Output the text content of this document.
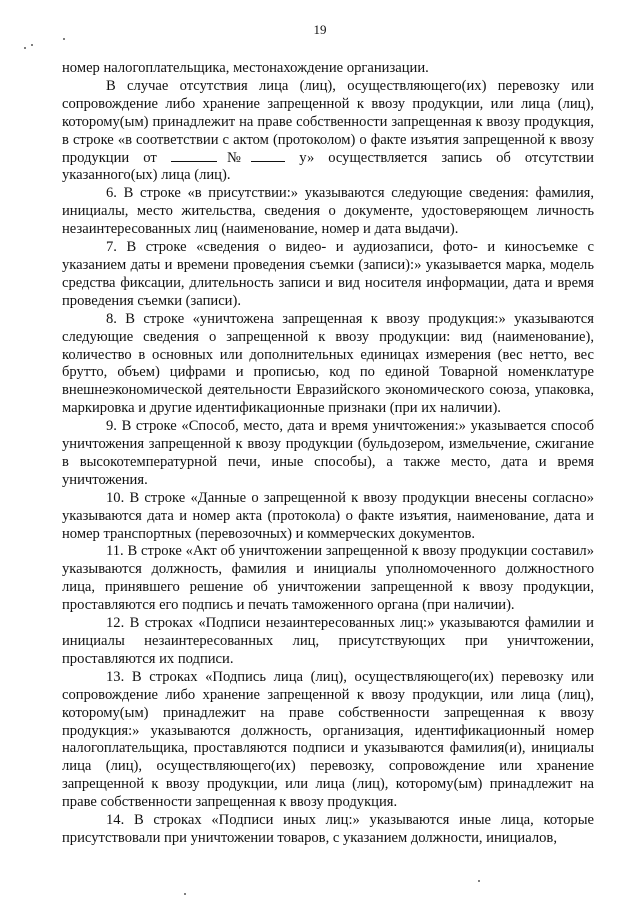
19

номер налогоплательщика, местонахождение организации.

В случае отсутствия лица (лиц), осуществляющего(их) перевозку или сопровождение либо хранение запрещенной к ввозу продукции, или лица (лиц), которому(ым) принадлежит на праве собственности запрещенная к ввозу продукция, в строке «в соответствии с актом (протоколом) о факте изъятия запрещенной к ввозу продукции от	№ у» осуществляется запись об отсутствии указанного(ых) лица (лиц).

6. В строке «в присутствии:» указываются следующие сведения: фамилия, инициалы, место жительства, сведения о документе, удостоверяющем личность незаинтересованных лиц (наименование, номер и дата выдачи).

7. В строке «сведения о видео- и аудиозаписи, фото- и киносъемке с указанием даты и времени проведения съемки (записи):» указывается марка, модель средства фиксации, длительность записи и вид носителя информации, дата и время проведения съемки (записи).

8. В строке «уничтожена запрещенная к ввозу продукция:» указываются следующие сведения о запрещенной к ввозу продукции: вид (наименование), количество в основных или дополнительных единицах измерения (вес нетто, вес брутто, объем) цифрами и прописью, код по единой Товарной номенклатуре внешнеэкономической деятельности Евразийского экономического союза, упаковка, маркировка и другие идентификационные признаки (при их наличии).

9. В строке «Способ, место, дата и время уничтожения:» указывается способ уничтожения запрещенной к ввозу продукции (бульдозером, измельчение, сжигание в высокотемпературной печи, иные способы), а также место, дата и время уничтожения.

10. В строке «Данные о запрещенной к ввозу продукции внесены согласно» указываются дата и номер акта (протокола) о факте изъятия, наименование, дата и номер транспортных (перевозочных) и коммерческих документов.

11. В строке «Акт об уничтожении запрещенной к ввозу продукции составил» указываются должность, фамилия и инициалы уполномоченного должностного лица, принявшего решение об уничтожении запрещенной к ввозу продукции, проставляются его подпись и печать таможенного органа (при наличии).

12. В строках «Подписи незаинтересованных лиц:» указываются фамилии и инициалы незаинтересованных лиц, присутствующих при уничтожении, проставляются их подписи.

13. В строках «Подпись лица (лиц), осуществляющего(их) перевозку или сопровождение либо хранение запрещенной к ввозу продукции, или лица (лиц), которому(ым) принадлежит на праве собственности запрещенная к ввозу продукция:» указываются должность, организация, идентификационный номер налогоплательщика, проставляются подписи и указываются фамилия(и), инициалы лица (лиц), осуществляющего(их) перевозку, сопровождение или хранение запрещенной к ввозу продукции, или лица (лиц), которому(ым) принадлежит на праве собственности запрещенная к ввозу продукция.

14. В строках «Подписи иных лиц:» указываются иные лица, которые присутствовали при уничтожении товаров, с указанием должности, инициалов,
